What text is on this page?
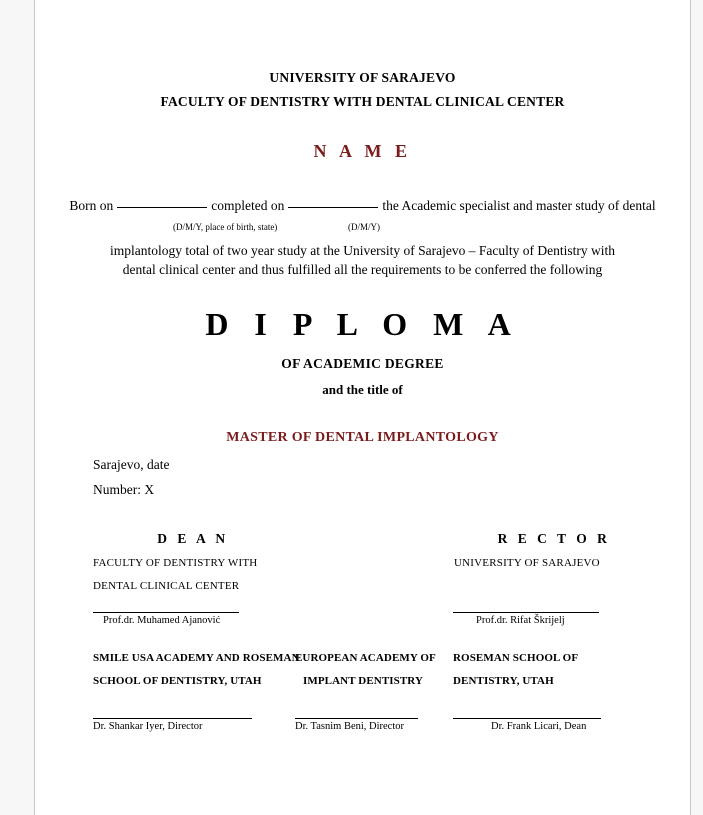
UNIVERSITY OF SARAJEVO
FACULTY OF DENTISTRY WITH DENTAL CLINICAL CENTER
N A M E
Born on	completed on	the Academic specialist and master study of dental
(D/M/Y, place of birth, state)	(D/M/Y)
implantology total of two year study at the University of Sarajevo – Faculty of Dentistry with dental clinical center and thus fulfilled all the requirements to be conferred the following
D I P L O M A
OF ACADEMIC DEGREE
and the title of
MASTER OF DENTAL IMPLANTOLOGY
Sarajevo, date
Number: X
D E A N
FACULTY OF DENTISTRY WITH
DENTAL CLINICAL CENTER
Prof.dr. Muhamed Ajanović
R E C T O R
UNIVERSITY OF SARAJEVO
Prof.dr. Rifat Škrijelj
SMILE USA ACADEMY AND ROSEMAN
SCHOOL OF DENTISTRY, UTAH
Dr. Shankar Iyer, Director
EUROPEAN ACADEMY OF
IMPLANT DENTISTRY
Dr. Tasnim Beni, Director
ROSEMAN SCHOOL OF
DENTISTRY, UTAH
Dr. Frank Licari, Dean
